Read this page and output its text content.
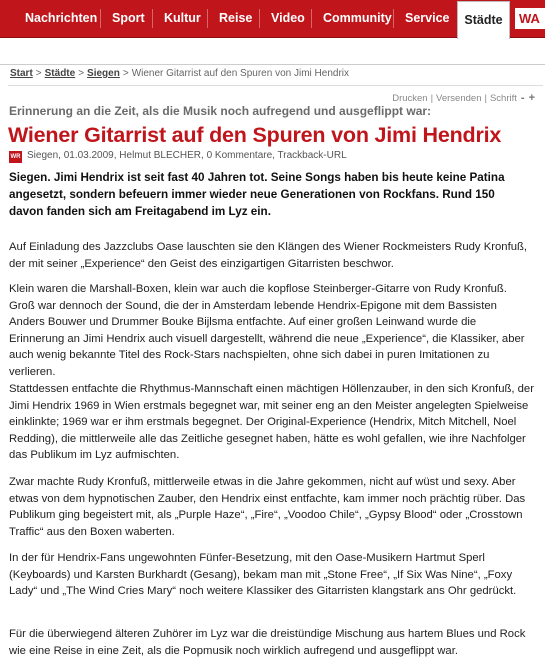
Nachrichten Sport Kultur Reise Video Community Service	Städte	WA
Start > Städte > Siegen > Wiener Gitarrist auf den Spuren von Jimi Hendrix
Drucken | Versenden | Schrift - +
Erinnerung an die Zeit, als die Musik noch aufregend und ausgeflippt war:
Wiener Gitarrist auf den Spuren von Jimi Hendrix
WR Siegen, 01.03.2009, Helmut BLECHER, 0 Kommentare, Trackback-URL
Siegen. Jimi Hendrix ist seit fast 40 Jahren tot. Seine Songs haben bis heute keine Patina angesetzt, sondern befeuern immer wieder neue Generationen von Rockfans. Rund 150 davon fanden sich am Freitagabend im Lyz ein.
Auf Einladung des Jazzclubs Oase lauschten sie den Klängen des Wiener Rockmeisters Rudy Kronfuß, der mit seiner „Experience“ den Geist des einzigartigen Gitarristen beschwor.
Klein waren die Marshall-Boxen, klein war auch die kopflose Steinberger-Gitarre von Rudy Kronfuß. Groß war dennoch der Sound, die der in Amsterdam lebende Hendrix-Epigone mit dem Bassisten Anders Bouwer und Drummer Bouke Bijlsma entfachte. Auf einer großen Leinwand wurde die Erinnerung an Jimi Hendrix auch visuell dargestellt, während die neue „Experience“, die Klassiker, aber auch wenig bekannte Titel des Rock-Stars nachspielten, ohne sich dabei in puren Imitationen zu verlieren.
Stattdessen entfachte die Rhythmus-Mannschaft einen mächtigen Höllenzauber, in den sich Kronfuß, der Jimi Hendrix 1969 in Wien erstmals begegnet war, mit seiner eng an den Meister angelegten Spielweise einklinkte; 1969 war er ihm erstmals begegnet. Der Original-Experience (Hendrix, Mitch Mitchell, Noel Redding), die mittlerweile alle das Zeitliche gesegnet haben, hätte es wohl gefallen, wie ihre Nachfolger das Publikum im Lyz aufmischten.
Zwar machte Rudy Kronfuß, mittlerweile etwas in die Jahre gekommen, nicht auf wüst und sexy. Aber etwas von dem hypnotischen Zauber, den Hendrix einst entfachte, kam immer noch prächtig rüber. Das Publikum ging begeistert mit, als „Purple Haze“, „Fire“, „Voodoo Chile“, „Gypsy Blood“ oder „Crosstown Traffic“ aus den Boxen waberten.
In der für Hendrix-Fans ungewohnten Fünfer-Besetzung, mit den Oase-Musikern Hartmut Sperl (Keyboards) und Karsten Burkhardt (Gesang), bekam man mit „Stone Free“, „If Six Was Nine“, „Foxy Lady“ und „The Wind Cries Mary“ noch weitere Klassiker des Gitarristen klangstark ans Ohr gedrückt.
Für die überwiegend älteren Zuhörer im Lyz war die dreistündige Mischung aus hartem Blues und Rock wie eine Reise in eine Zeit, als die Popmusik noch wirklich aufregend und ausgeflippt war.
